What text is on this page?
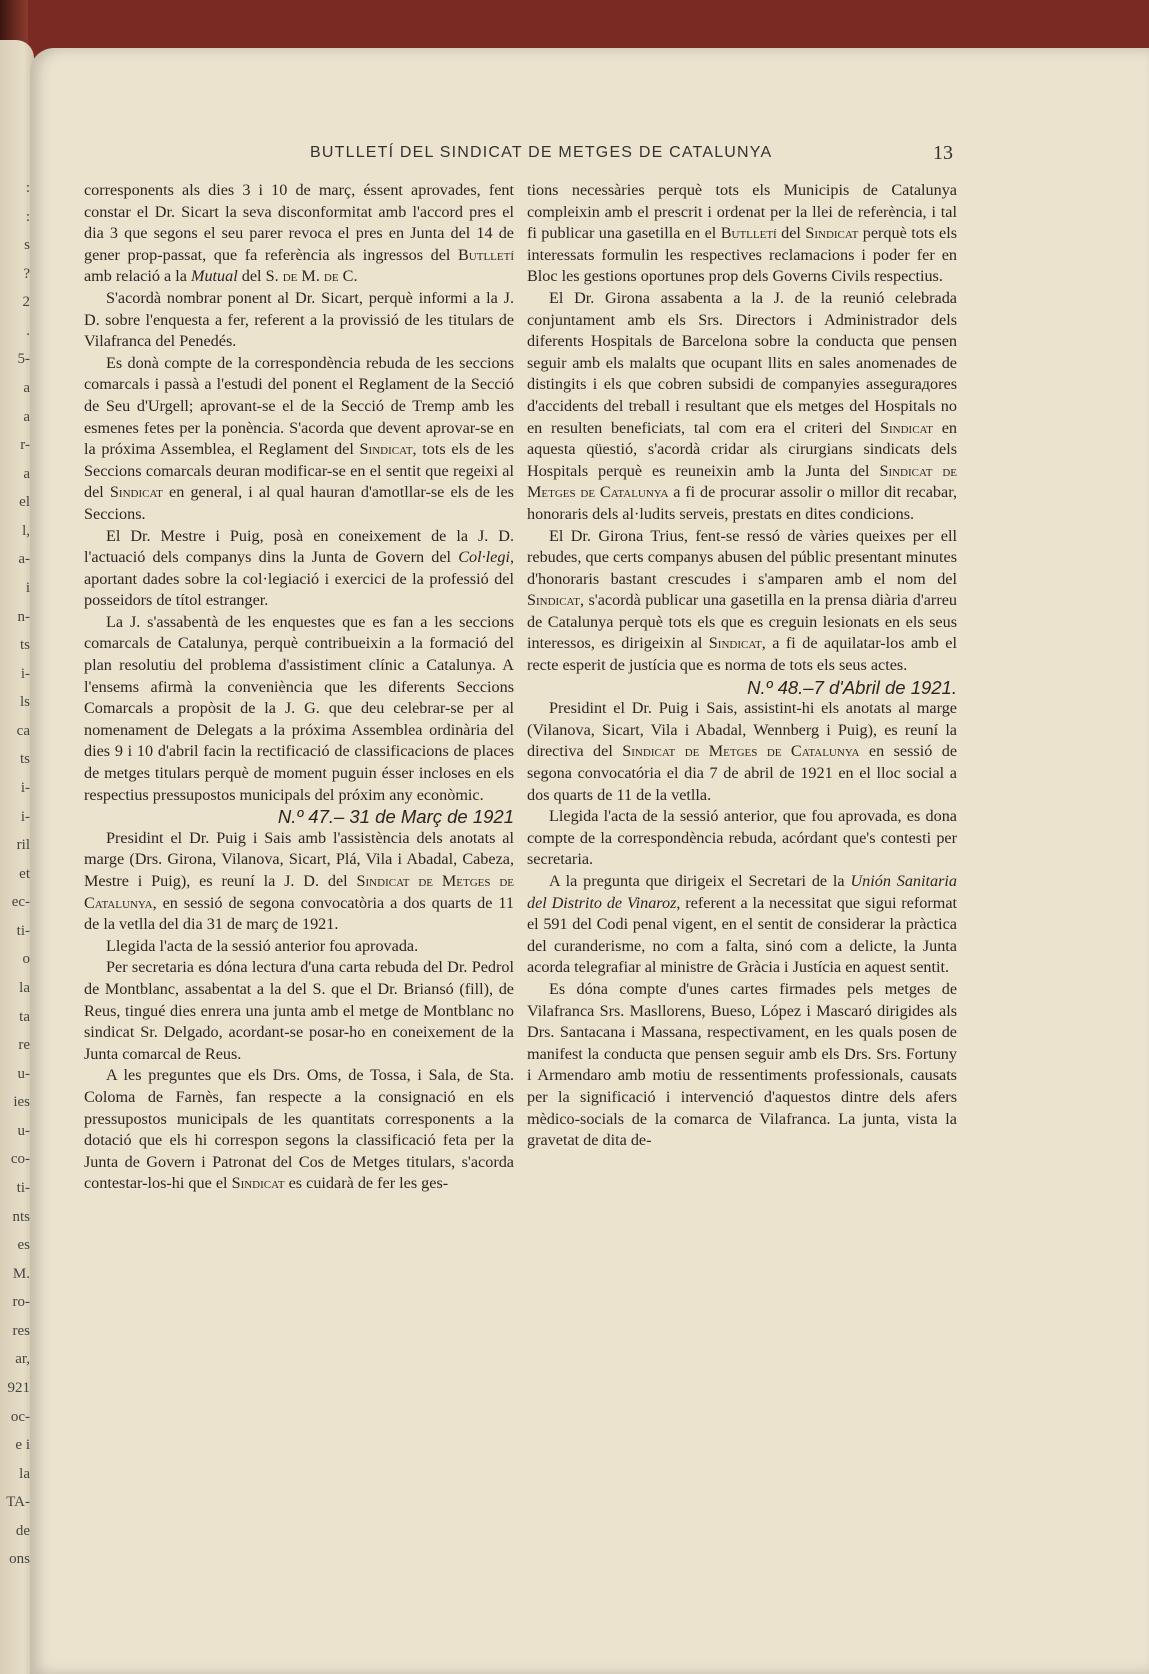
:
:
s
?
2
.
5-
a
a
r-
a
el
l,
a-
i
n-
ts
i-
ls
ca
ts
i-
i-
ril
et
ec-
ti-
o
la
ta
re
u-
ies
u-
co-
ti-
nts
es
M.
ro-
res
ar,
921
oc-
e i
la
TA-
de
ons
BUTLLETÍ DEL SINDICAT DE METGES DE CATALUNYA	13

corresponents als dies 3 i 10 de març, éssent aprovades, fent constar el Dr. Sicart la seva disconformitat amb l'accord pres el dia 3 que segons el seu parer revoca el pres en Junta del 14 de gener prop-passat, que fa referència als ingressos del Butlletí amb relació a la Mutual del S. de M. de C.

S'acordà nombrar ponent al Dr. Sicart, perquè informi a la J. D. sobre l'enquesta a fer, referent a la provissió de les titulars de Vilafranca del Penedés.

Es donà compte de la correspondència rebuda de les seccions comarcals i passà a l'estudi del ponent el Reglament de la Secció de Seu d'Urgell; aprovant-se el de la Secció de Tremp amb les esmenes fetes per la ponència. S'acorda que devent aprovar-se en la próxima Assemblea, el Reglament del Sindicat, tots els de les Seccions comarcals deuran modificar-se en el sentit que regeixi al del Sindicat en general, i al qual hauran d'amotllar-se els de les Seccions.

El Dr. Mestre i Puig, posà en coneixement de la J. D. l'actuació dels companys dins la Junta de Govern del Col·legi, aportant dades sobre la col·legiació i exercici de la professió del posseidors de títol estranger.

La J. s'assabentà de les enquestes que es fan a les seccions comarcals de Catalunya, perquè contribueixin a la formació del plan resolutiu del problema d'assistiment clínic a Catalunya. A l'ensems afirmà la conveniència que les diferents Seccions Comarcals a propòsit de la J. G. que deu celebrar-se per al nomenament de Delegats a la próxima Assemblea ordinària del dies 9 i 10 d'abril facin la rectificació de classificacions de places de metges titulars perquè de moment puguin ésser incloses en els respectius pressupostos municipals del próxim any econòmic.

N.º 47.– 31 de Març de 1921

Presidint el Dr. Puig i Sais amb l'assistència dels anotats al marge (Drs. Girona, Vilanova, Sicart, Plá, Vila i Abadal, Cabeza, Mestre i Puig), es reuní la J. D. del Sindicat de Metges de Catalunya, en sessió de segona convocatòria a dos quarts de 11 de la vetlla del dia 31 de març de 1921.

Llegida l'acta de la sessió anterior fou aprovada.

Per secretaria es dóna lectura d'una carta rebuda del Dr. Pedrol de Montblanc, assabentat a la del S. que el Dr. Briansó (fill), de Reus, tingué dies enrera una junta amb el metge de Montblanc no sindicat Sr. Delgado, acordant-se posar-ho en coneixement de la Junta comarcal de Reus.

A les preguntes que els Drs. Oms, de Tossa, i Sala, de Sta. Coloma de Farnès, fan respecte a la consignació en els pressupostos municipals de les quantitats corresponents a la dotació que els hi correspon segons la classificació feta per la Junta de Govern i Patronat del Cos de Metges titulars, s'acorda contestar-los-hi que el Sindicat es cuidarà de fer les ges-

tions necessàries perquè tots els Municipis de Catalunya compleixin amb el prescrit i ordenat per la llei de referència, i tal fi publicar una gasetilla en el Butlletí del Sindicat perquè tots els interessats formulin les respectives reclamacions i poder fer en Bloc les gestions oportunes prop dels Governs Civils respectius.

El Dr. Girona assabenta a la J. de la reunió celebrada conjuntament amb els Srs. Directors i Administrador dels diferents Hospitals de Barcelona sobre la conducta que pensen seguir amb els malalts que ocupant llits en sales anomenades de distingits i els que cobren subsidi de companyies assegurадores d'accidents del treball i resultant que els metges del Hospitals no en resulten beneficiats, tal com era el criteri del Sindicat en aquesta qüestió, s'acordà cridar als cirurgians sindicats dels Hospitals perquè es reuneixin amb la Junta del Sindicat de Metges de Catalunya a fi de procurar assolir o millor dit recabar, honoraris dels al·ludits serveis, prestats en dites condicions.

El Dr. Girona Trius, fent-se ressó de vàries queixes per ell rebudes, que certs companys abusen del públic presentant minutes d'honoraris bastant crescudes i s'amparen amb el nom del Sindicat, s'acordà publicar una gasetilla en la prensa diària d'arreu de Catalunya perquè tots els que es creguin lesionats en els seus interessos, es dirigeixin al Sindicat, a fi de aquilatar-los amb el recte esperit de justícia que es norma de tots els seus actes.

N.º 48.–7 d'Abril de 1921.

Presidint el Dr. Puig i Sais, assistint-hi els anotats al marge (Vilanova, Sicart, Vila i Abadal, Wennberg i Puig), es reuní la directiva del Sindicat de Metges de Catalunya en sessió de segona convocatória el dia 7 de abril de 1921 en el lloc social a dos quarts de 11 de la vetlla.

Llegida l'acta de la sessió anterior, que fou aprovada, es dona compte de la correspondència rebuda, acórdant que's contesti per secretaria.

A la pregunta que dirigeix el Secretari de la Unión Sanitaria del Distrito de Vinaroz, referent a la necessitat que sigui reformat el 591 del Codi penal vigent, en el sentit de considerar la pràctica del curanderisme, no com a falta, sinó com a delicte, la Junta acorda telegrafiar al ministre de Gràcia i Justícia en aquest sentit.

Es dóna compte d'unes cartes firmades pels metges de Vilafranca Srs. Masllorens, Bueso, López i Mascaró dirigides als Drs. Santacana i Massana, respectivament, en les quals posen de manifest la conducta que pensen seguir amb els Drs. Srs. Fortuny i Armendaro amb motiu de ressentiments professionals, causats per la significació i intervenció d'aquestos dintre dels afers mèdico-socials de la comarca de Vilafranca. La junta, vista la gravetat de dita de-
